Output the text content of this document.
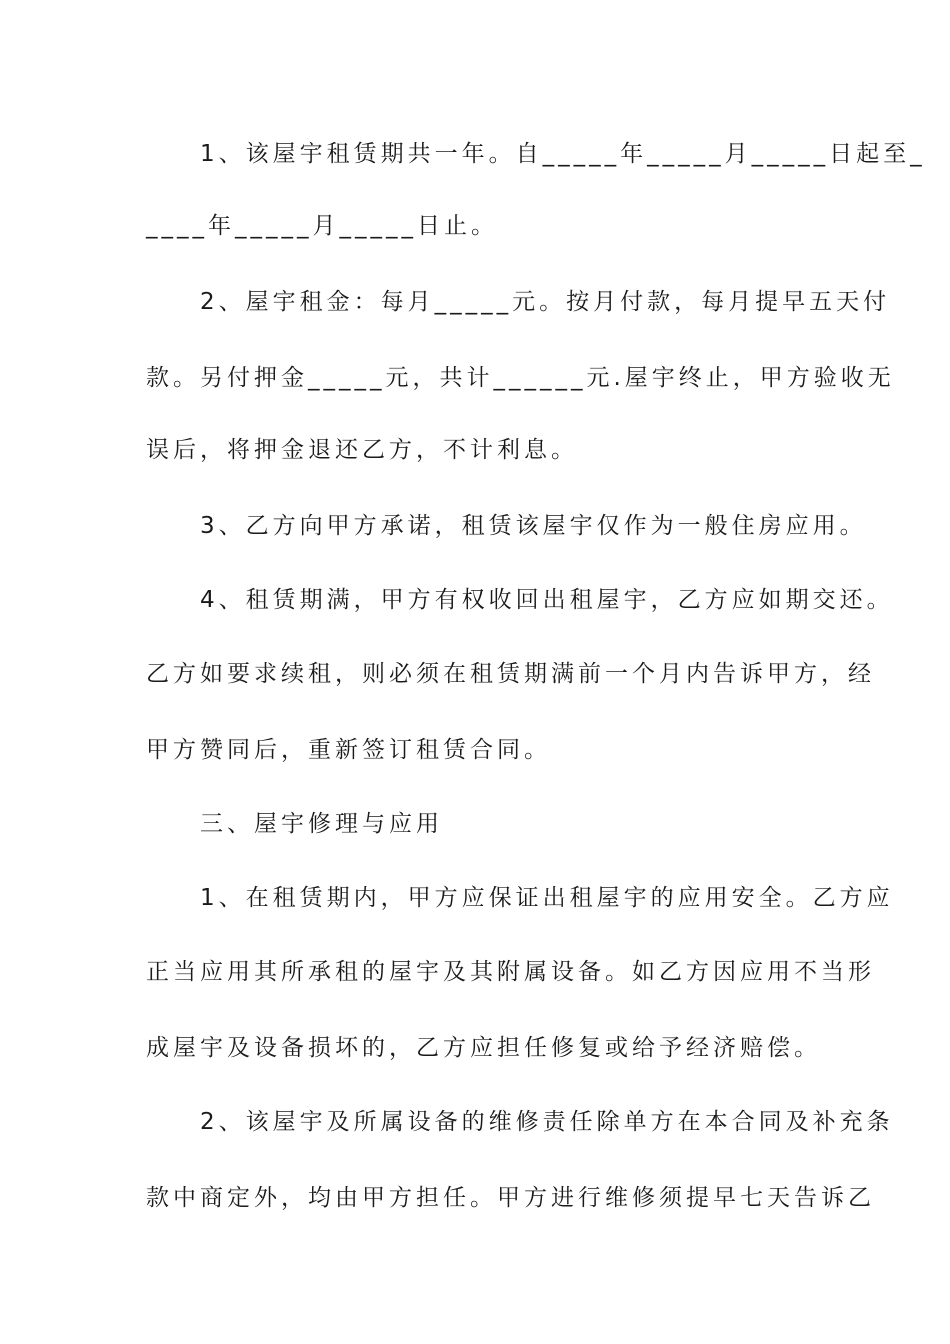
　　1、该屋宇租赁期共一年。自_____年_____月_____日起至_
____年_____月_____日止。
　　2、屋宇租金：每月_____元。按月付款，每月提早五天付
款。另付押金_____元，共计______元.屋宇终止，甲方验收无
误后，将押金退还乙方，不计利息。
　　3、乙方向甲方承诺，租赁该屋宇仅作为一般住房应用。
　　4、租赁期满，甲方有权收回出租屋宇，乙方应如期交还。
乙方如要求续租，则必须在租赁期满前一个月内告诉甲方，经
甲方赞同后，重新签订租赁合同。
　　三、屋宇修理与应用
　　1、在租赁期内，甲方应保证出租屋宇的应用安全。乙方应
正当应用其所承租的屋宇及其附属设备。如乙方因应用不当形
成屋宇及设备损坏的，乙方应担任修复或给予经济赔偿。
　　2、该屋宇及所属设备的维修责任除单方在本合同及补充条
款中商定外，均由甲方担任。甲方进行维修须提早七天告诉乙
